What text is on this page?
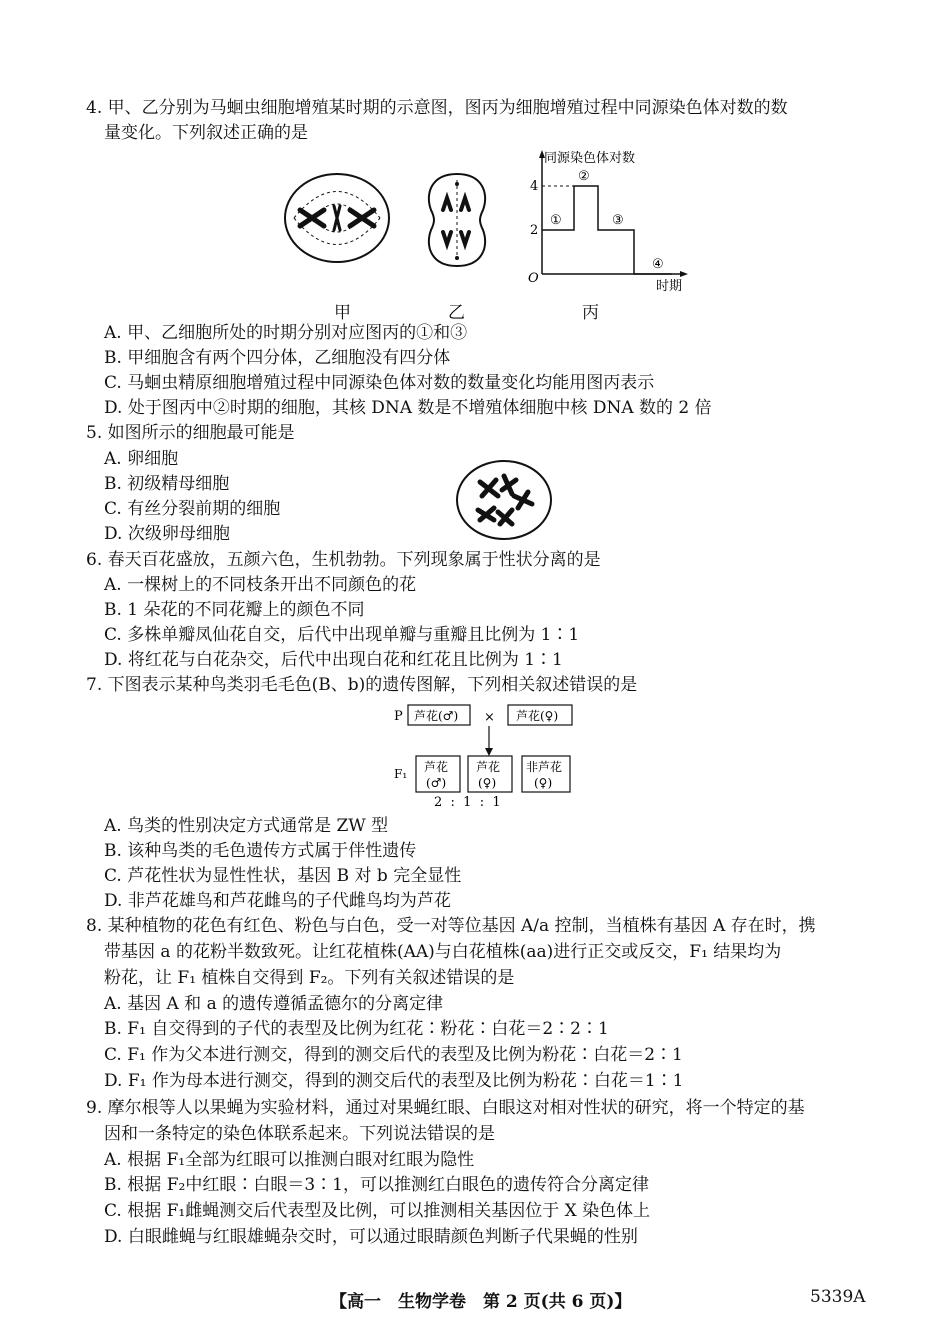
4. 甲、乙分别为马蛔虫细胞增殖某时期的示意图，图丙为细胞增殖过程中同源染色体对数的数
量变化。下列叙述正确的是
同源染色体对数
时期
O
4
2
①
②
③
④
甲	乙	丙
A. 甲、乙细胞所处的时期分别对应图丙的①和③
B. 甲细胞含有两个四分体，乙细胞没有四分体
C. 马蛔虫精原细胞增殖过程中同源染色体对数的数量变化均能用图丙表示
D. 处于图丙中②时期的细胞，其核 DNA 数是不增殖体细胞中核 DNA 数的 2 倍
5. 如图所示的细胞最可能是
A. 卵细胞
B. 初级精母细胞
C. 有丝分裂前期的细胞
D. 次级卵母细胞
6. 春天百花盛放，五颜六色，生机勃勃。下列现象属于性状分离的是
A. 一棵树上的不同枝条开出不同颜色的花
B. 1 朵花的不同花瓣上的颜色不同
C. 多株单瓣凤仙花自交，后代中出现单瓣与重瓣且比例为 1∶1
D. 将红花与白花杂交，后代中出现白花和红花且比例为 1∶1
7. 下图表示某种鸟类羽毛毛色(B、b)的遗传图解，下列相关叙述错误的是
P 芦花(♂) × 芦花(♀)
F₁ 芦花
(♂)
芦花
(♀)
非芦花
(♀)
2  :  1  :  1
A. 鸟类的性别决定方式通常是 ZW 型
B. 该种鸟类的毛色遗传方式属于伴性遗传
C. 芦花性状为显性性状，基因 B 对 b 完全显性
D. 非芦花雄鸟和芦花雌鸟的子代雌鸟均为芦花
8. 某种植物的花色有红色、粉色与白色，受一对等位基因 A/a 控制，当植株有基因 A 存在时，携
带基因 a 的花粉半数致死。让红花植株(AA)与白花植株(aa)进行正交或反交，F₁ 结果均为
粉花，让 F₁ 植株自交得到 F₂。下列有关叙述错误的是
A. 基因 A 和 a 的遗传遵循孟德尔的分离定律
B. F₁ 自交得到的子代的表型及比例为红花∶粉花∶白花＝2∶2∶1
C. F₁ 作为父本进行测交，得到的测交后代的表型及比例为粉花∶白花＝2∶1
D. F₁ 作为母本进行测交，得到的测交后代的表型及比例为粉花∶白花＝1∶1
9. 摩尔根等人以果蝇为实验材料，通过对果蝇红眼、白眼这对相对性状的研究，将一个特定的基
因和一条特定的染色体联系起来。下列说法错误的是
A. 根据 F₁全部为红眼可以推测白眼对红眼为隐性
B. 根据 F₂中红眼∶白眼＝3∶1，可以推测红白眼色的遗传符合分离定律
C. 根据 F₁雌蝇测交后代表型及比例，可以推测相关基因位于 X 染色体上
D. 白眼雌蝇与红眼雄蝇杂交时，可以通过眼睛颜色判断子代果蝇的性别
【高一　生物学卷　第 2 页(共 6 页)】	5339A
